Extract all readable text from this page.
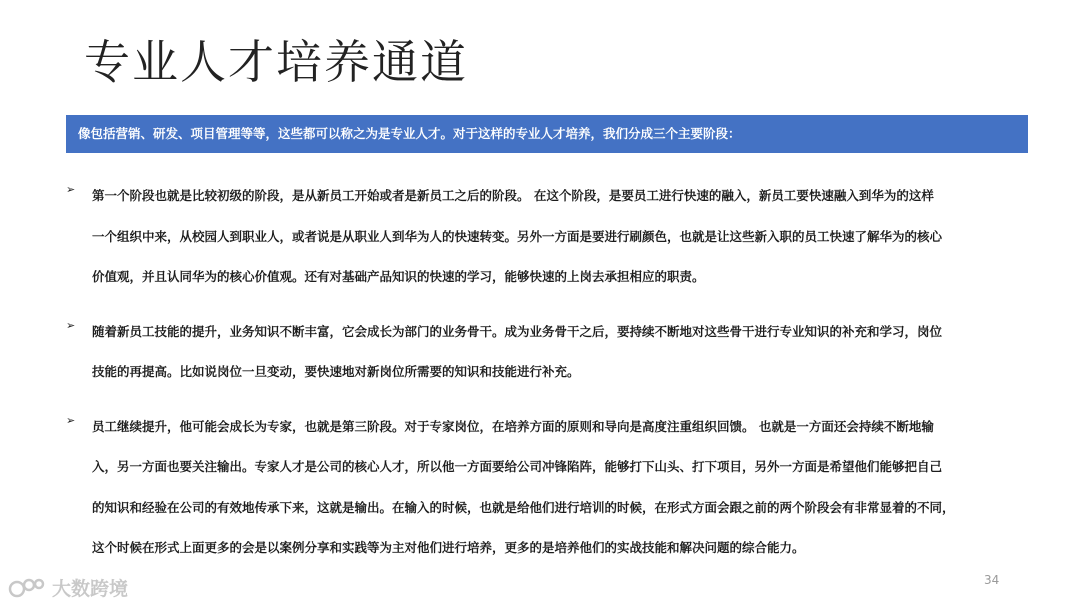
专业人才培养通道
像包括营销、研发、项目管理等等，这些都可以称之为是专业人才。对于这样的专业人才培养，我们分成三个主要阶段：
➢ 第一个阶段也就是比较初级的阶段，是从新员工开始或者是新员工之后的阶段。 在这个阶段，是要员工进行快速的融入，新员工要快速融入到华为的这样
一个组织中来，从校园人到职业人，或者说是从职业人到华为人的快速转变。另外一方面是要进行刷颜色，也就是让这些新入职的员工快速了解华为的核心
价值观，并且认同华为的核心价值观。还有对基础产品知识的快速的学习，能够快速的上岗去承担相应的职责。
➢ 随着新员工技能的提升，业务知识不断丰富，它会成长为部门的业务骨干。成为业务骨干之后，要持续不断地对这些骨干进行专业知识的补充和学习，岗位
技能的再提高。比如说岗位一旦变动，要快速地对新岗位所需要的知识和技能进行补充。
➢ 员工继续提升，他可能会成长为专家，也就是第三阶段。对于专家岗位，在培养方面的原则和导向是高度注重组织回馈。 也就是一方面还会持续不断地输
入，另一方面也要关注输出。专家人才是公司的核心人才，所以他一方面要给公司冲锋陷阵，能够打下山头、打下项目，另外一方面是希望他们能够把自己
的知识和经验在公司的有效地传承下来，这就是输出。在输入的时候，也就是给他们进行培训的时候，在形式方面会跟之前的两个阶段会有非常显着的不同，
这个时候在形式上面更多的会是以案例分享和实践等为主对他们进行培养，更多的是培养他们的实战技能和解决问题的综合能力。
34
大数跨境
